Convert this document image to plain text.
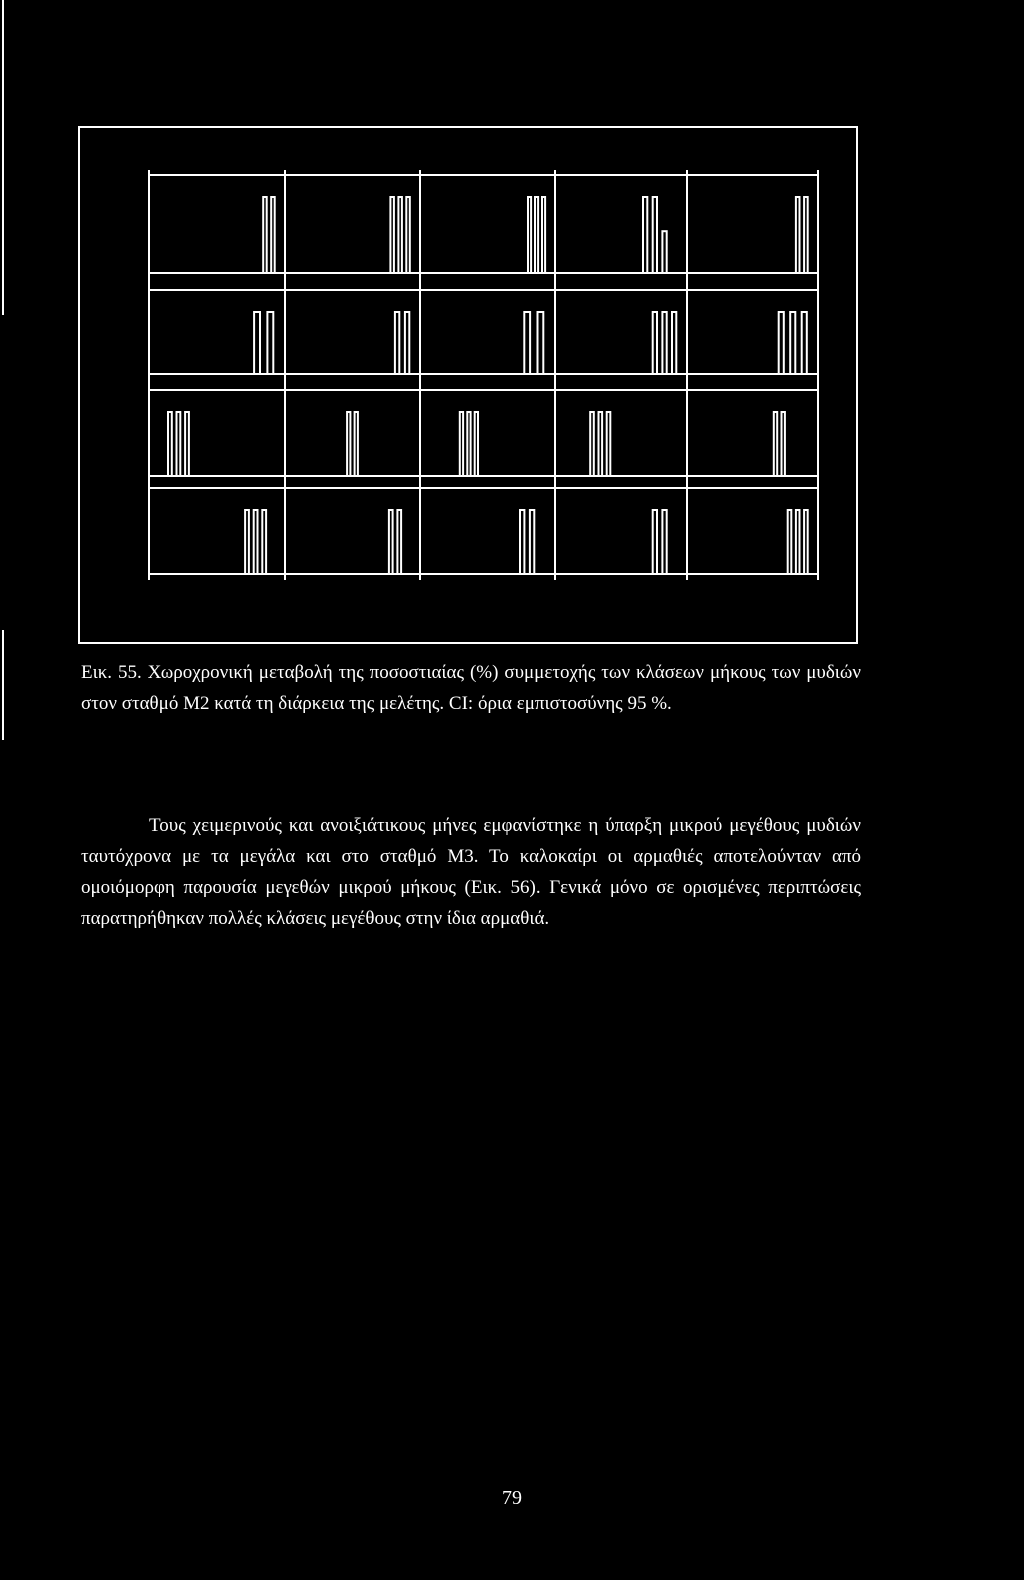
Εικ. 55. Χωροχρονική μεταβολή της ποσοστιαίας (%) συμμετοχής των κλάσεων μήκους των μυδιών στον σταθμό Μ2 κατά τη διάρκεια της μελέτης. CI: όρια εμπιστοσύνης 95 %.

Τους χειμερινούς και ανοιξιάτικους μήνες εμφανίστηκε η ύπαρξη μικρού μεγέθους μυδιών ταυτόχρονα με τα μεγάλα και στο σταθμό Μ3. Το καλοκαίρι οι αρμαθιές αποτελούνταν από ομοιόμορφη παρουσία μεγεθών μικρού μήκους (Εικ. 56). Γενικά μόνο σε ορισμένες περιπτώσεις παρατηρήθηκαν πολλές κλάσεις μεγέθους στην ίδια αρμαθιά.

79
